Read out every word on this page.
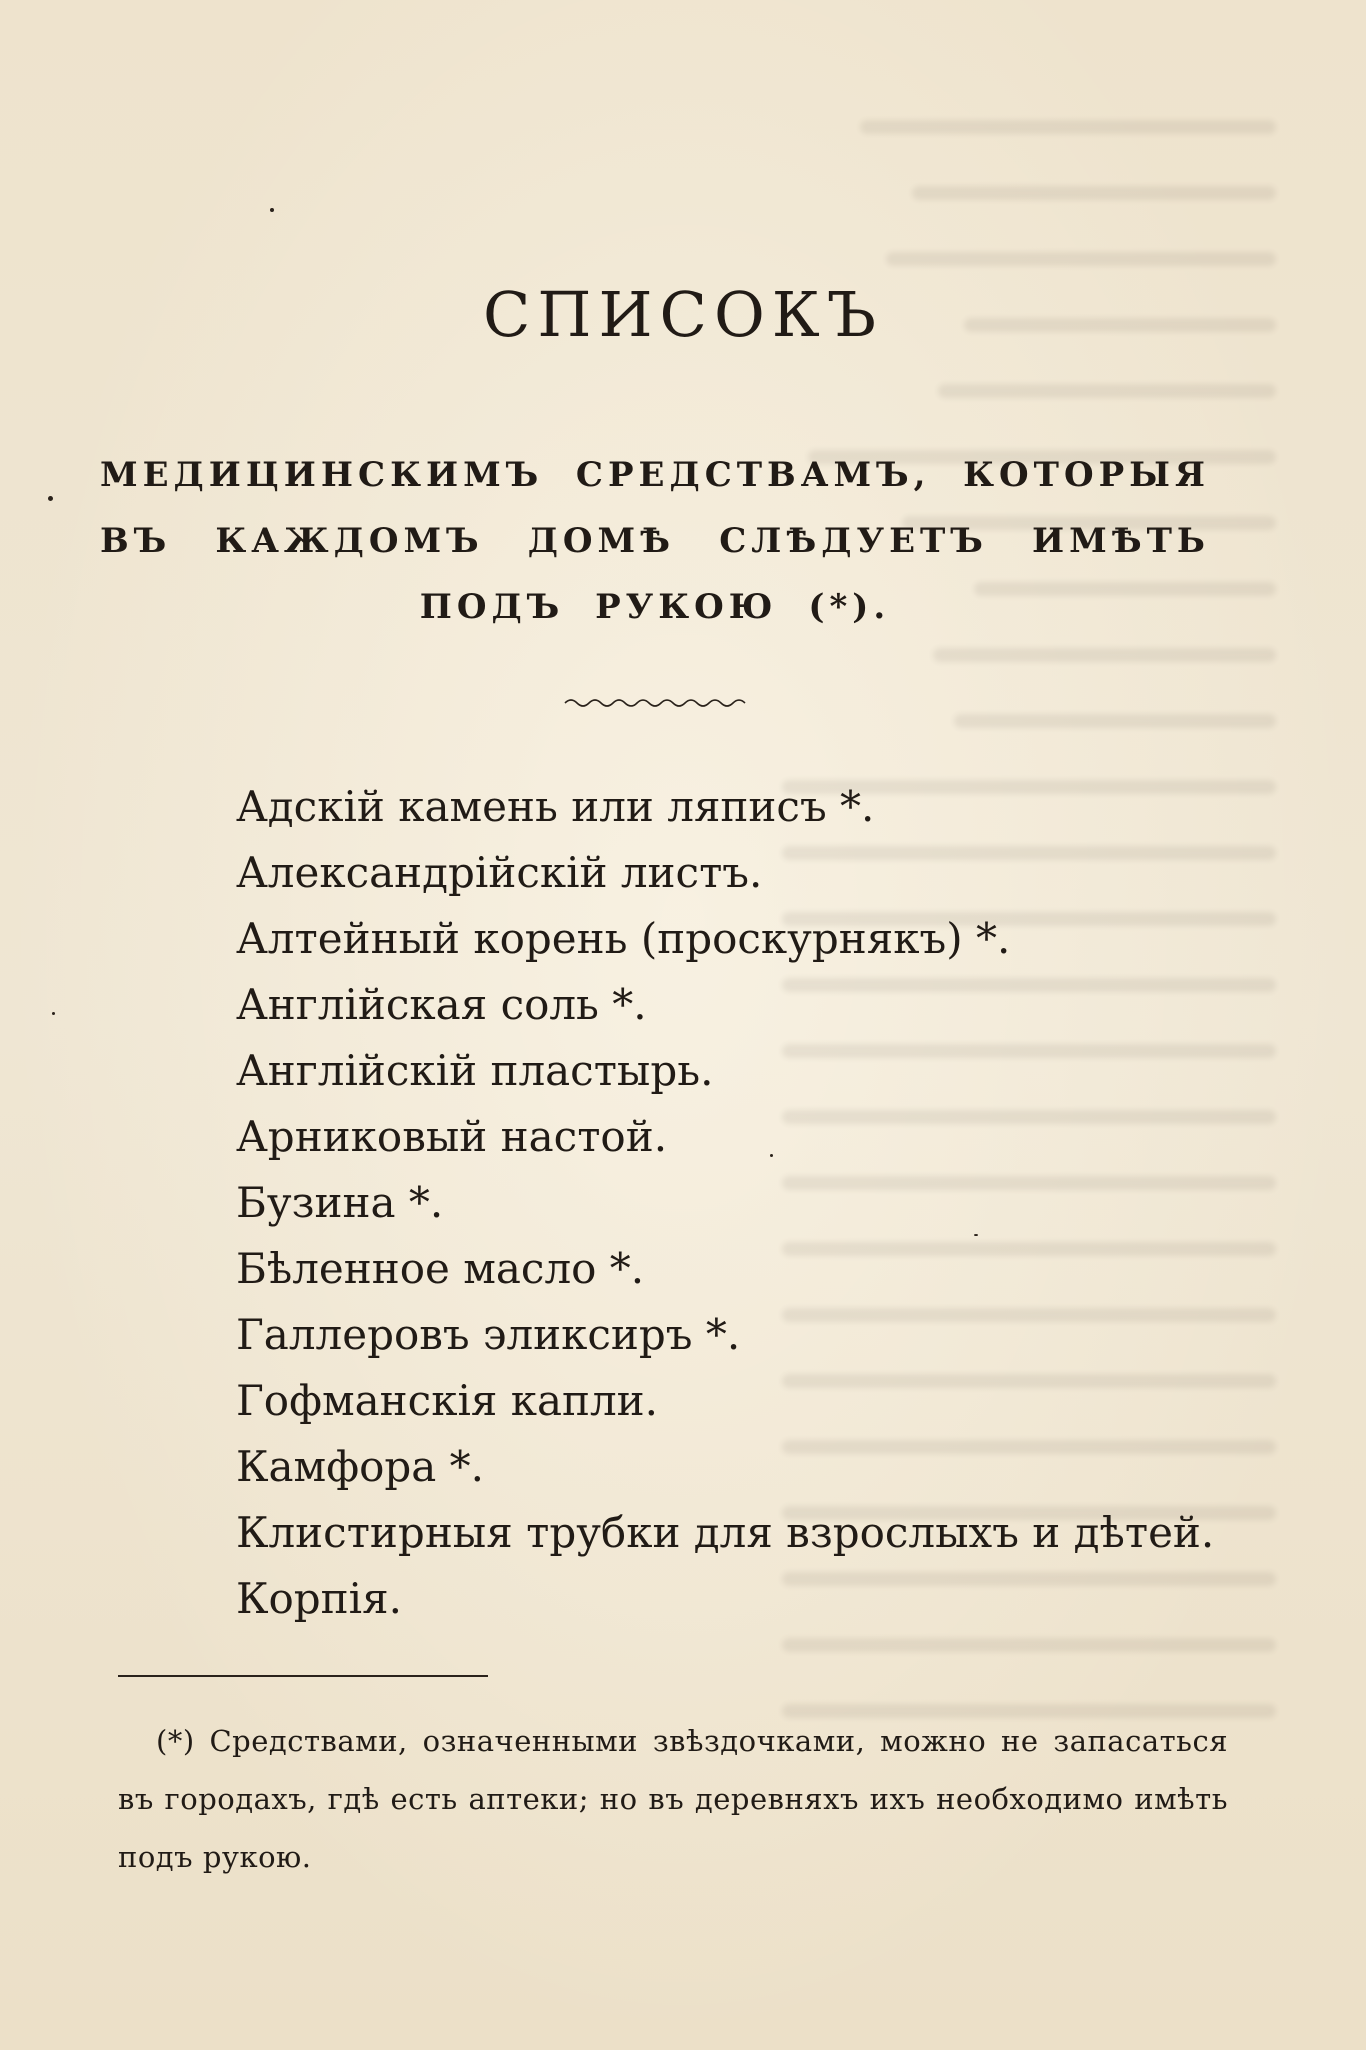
СПИСОКЪ
МЕДИЦИНСКИМЪ СРЕДСТВАМЪ, КОТОРЫЯ ВЪ КАЖДОМЪ ДОМѢ СЛѢДУЕТЪ ИМѢТЬ ПОДЪ РУКОЮ (*).
Адскій камень или ляписъ *.
Александрійскій листъ.
Алтейный корень (проскурнякъ) *.
Англійская соль *.
Англійскій пластырь.
Арниковый настой.
Бузина *.
Бѣленное масло *.
Галлеровъ эликсиръ *.
Гофманскія капли.
Камфора *.
Клистирныя трубки для взрослыхъ и дѣтей.
Корпія.
(*) Средствами, означенными звѣздочками, можно не запасаться въ городахъ, гдѣ есть аптеки; но въ деревняхъ ихъ необходимо имѣть подъ рукою.
